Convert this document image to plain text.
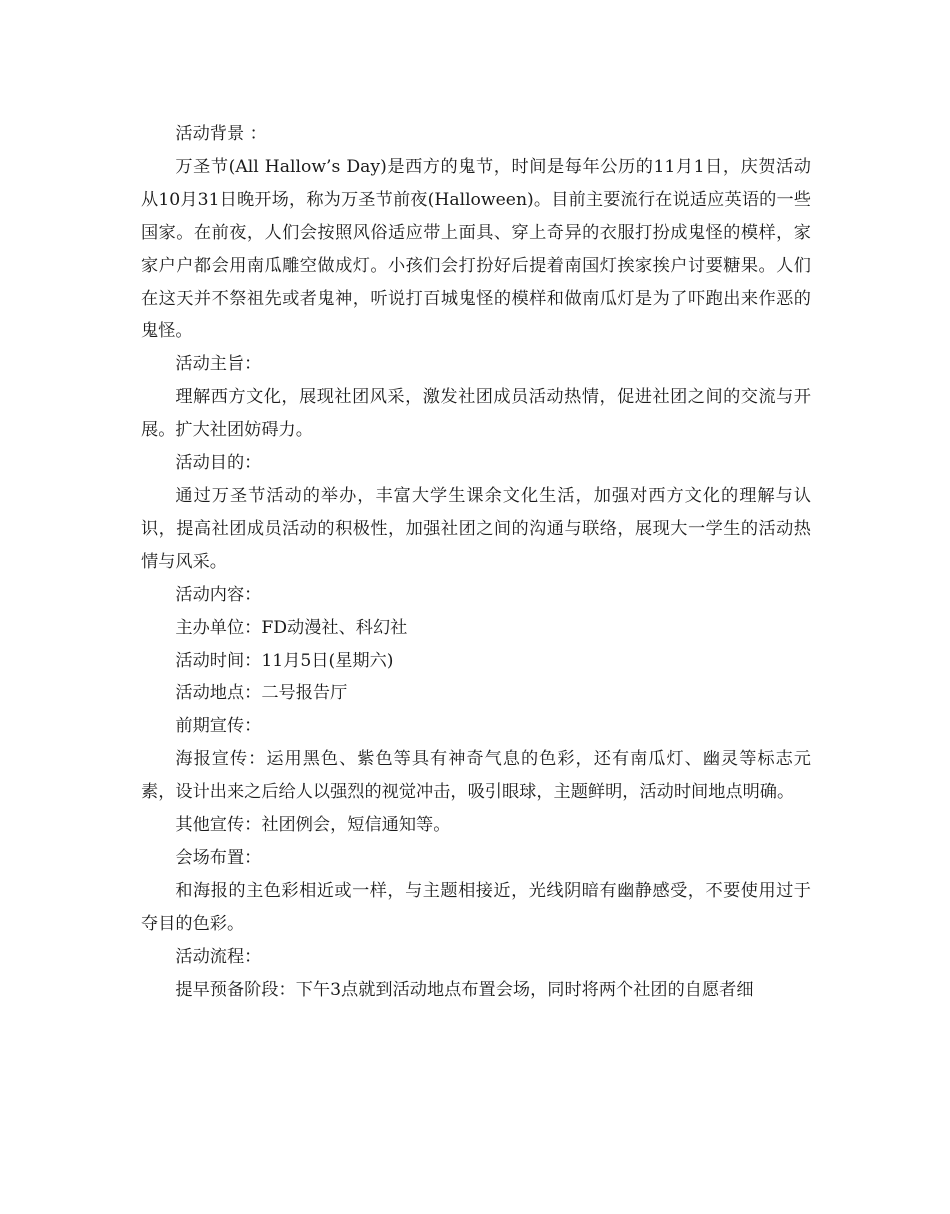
活动背景 ：

万圣节(All Hallow’s Day)是西方的鬼节，时间是每年公历的11月1日，庆贺活动从10月31日晚开场，称为万圣节前夜(Halloween)。目前主要流行在说适应英语的一些国家。在前夜，人们会按照风俗适应带上面具、穿上奇异的衣服打扮成鬼怪的模样，家家户户都会用南瓜雕空做成灯。小孩们会打扮好后提着南国灯挨家挨户讨要糖果。人们在这天并不祭祖先或者鬼神，听说打百城鬼怪的模样和做南瓜灯是为了吓跑出来作恶的鬼怪。

活动主旨：

理解西方文化，展现社团风采，激发社团成员活动热情，促进社团之间的交流与开展。扩大社团妨碍力。

活动目的：

通过万圣节活动的举办，丰富大学生课余文化生活，加强对西方文化的理解与认识，提高社团成员活动的积极性，加强社团之间的沟通与联络，展现大一学生的活动热情与风采。

活动内容：

主办单位：FD动漫社、科幻社

活动时间：11月5日(星期六)

活动地点：二号报告厅

前期宣传：

海报宣传：运用黑色、紫色等具有神奇气息的色彩，还有南瓜灯、幽灵等标志元素，设计出来之后给人以强烈的视觉冲击，吸引眼球，主题鲜明，活动时间地点明确。

其他宣传：社团例会，短信通知等。

会场布置：

和海报的主色彩相近或一样，与主题相接近，光线阴暗有幽静感受，不要使用过于夺目的色彩。

活动流程：

提早预备阶段：下午3点就到活动地点布置会场，同时将两个社团的自愿者细
